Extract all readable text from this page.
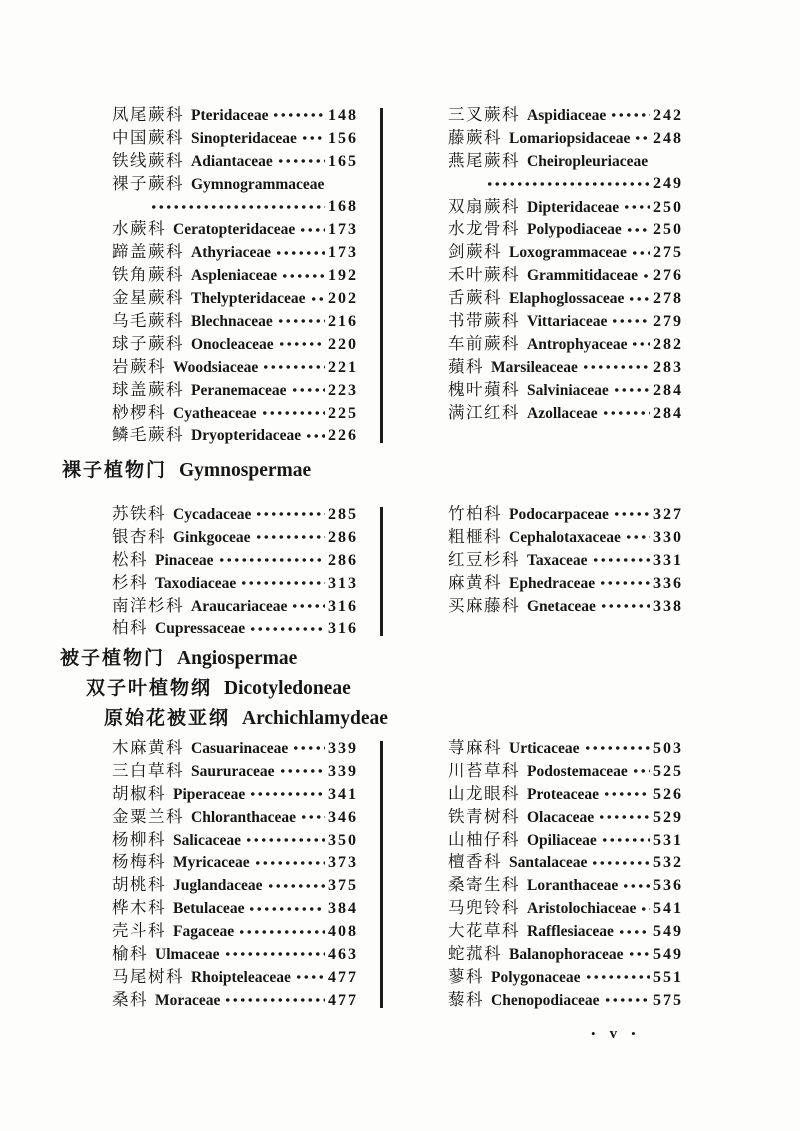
凤尾蕨科 Pteridaceae	148
中国蕨科 Sinopteridaceae 156
铁线蕨科 Adiantaceae	165
裸子蕨科 Gymnogrammaceae
168
水蕨科 Ceratopteridaceae 173
蹄盖蕨科 Athyriaceae	173
铁角蕨科 Aspleniaceae	192
金星蕨科 Thelypteridaceae 202
乌毛蕨科 Blechnaceae	216
球子蕨科 Onocleaceae	220
岩蕨科 Woodsiaceae	221
球盖蕨科 Peranemaceae	223
桫椤科 Cyatheaceae	225
鳞毛蕨科 Dryopteridaceae 226
三叉蕨科 Aspidiaceae	242
藤蕨科 Lomariopsidaceae 248
燕尾蕨科 Cheiropleuriaceae
249
双扇蕨科 Dipteridaceae 250
水龙骨科 Polypodiaceae 250
剑蕨科 Loxogrammaceae 275
禾叶蕨科 Grammitidaceae 276
舌蕨科 Elaphoglossaceae 278
书带蕨科 Vittariaceae	279
车前蕨科 Antrophyaceae 282
蘋科 Marsileaceae	283
槐叶蘋科 Salviniaceae	284
满江红科 Azollaceae	284
裸子植物门 Gymnospermae
苏铁科 Cycadaceae	285
银杏科 Ginkgoceae	286
松科 Pinaceae	286
杉科 Taxodiaceae	313
南洋杉科 Araucariaceae	316
柏科 Cupressaceae	316
竹柏科 Podocarpaceae	327
粗榧科 Cephalotaxaceae 330
红豆杉科 Taxaceae	331
麻黄科 Ephedraceae	336
买麻藤科 Gnetaceae	338
被子植物门 Angiospermae
双子叶植物纲 Dicotyledoneae
原始花被亚纲 Archichlamydeae
木麻黄科 Casuarinaceae 339
三白草科 Saururaceae	339
胡椒科 Piperaceae	341
金粟兰科 Chloranthaceae 346
杨柳科 Salicaceae	350
杨梅科 Myricaceae	373
胡桃科 Juglandaceae	375
桦木科 Betulaceae	384
壳斗科 Fagaceae	408
榆科 Ulmaceae	463
马尾树科 Rhoipteleaceae 477
桑科 Moraceae	477
荨麻科 Urticaceae	503
川苔草科 Podostemaceae 525
山龙眼科 Proteaceae	526
铁青树科 Olacaceae	529
山柚仔科 Opiliaceae	531
檀香科 Santalaceae	532
桑寄生科 Loranthaceae 536
马兜铃科 Aristolochiaceae 541
大花草科 Rafflesiaceae 549
蛇菰科 Balanophoraceae 549
蓼科 Polygonaceae	551
藜科 Chenopodiaceae	575
• v •
